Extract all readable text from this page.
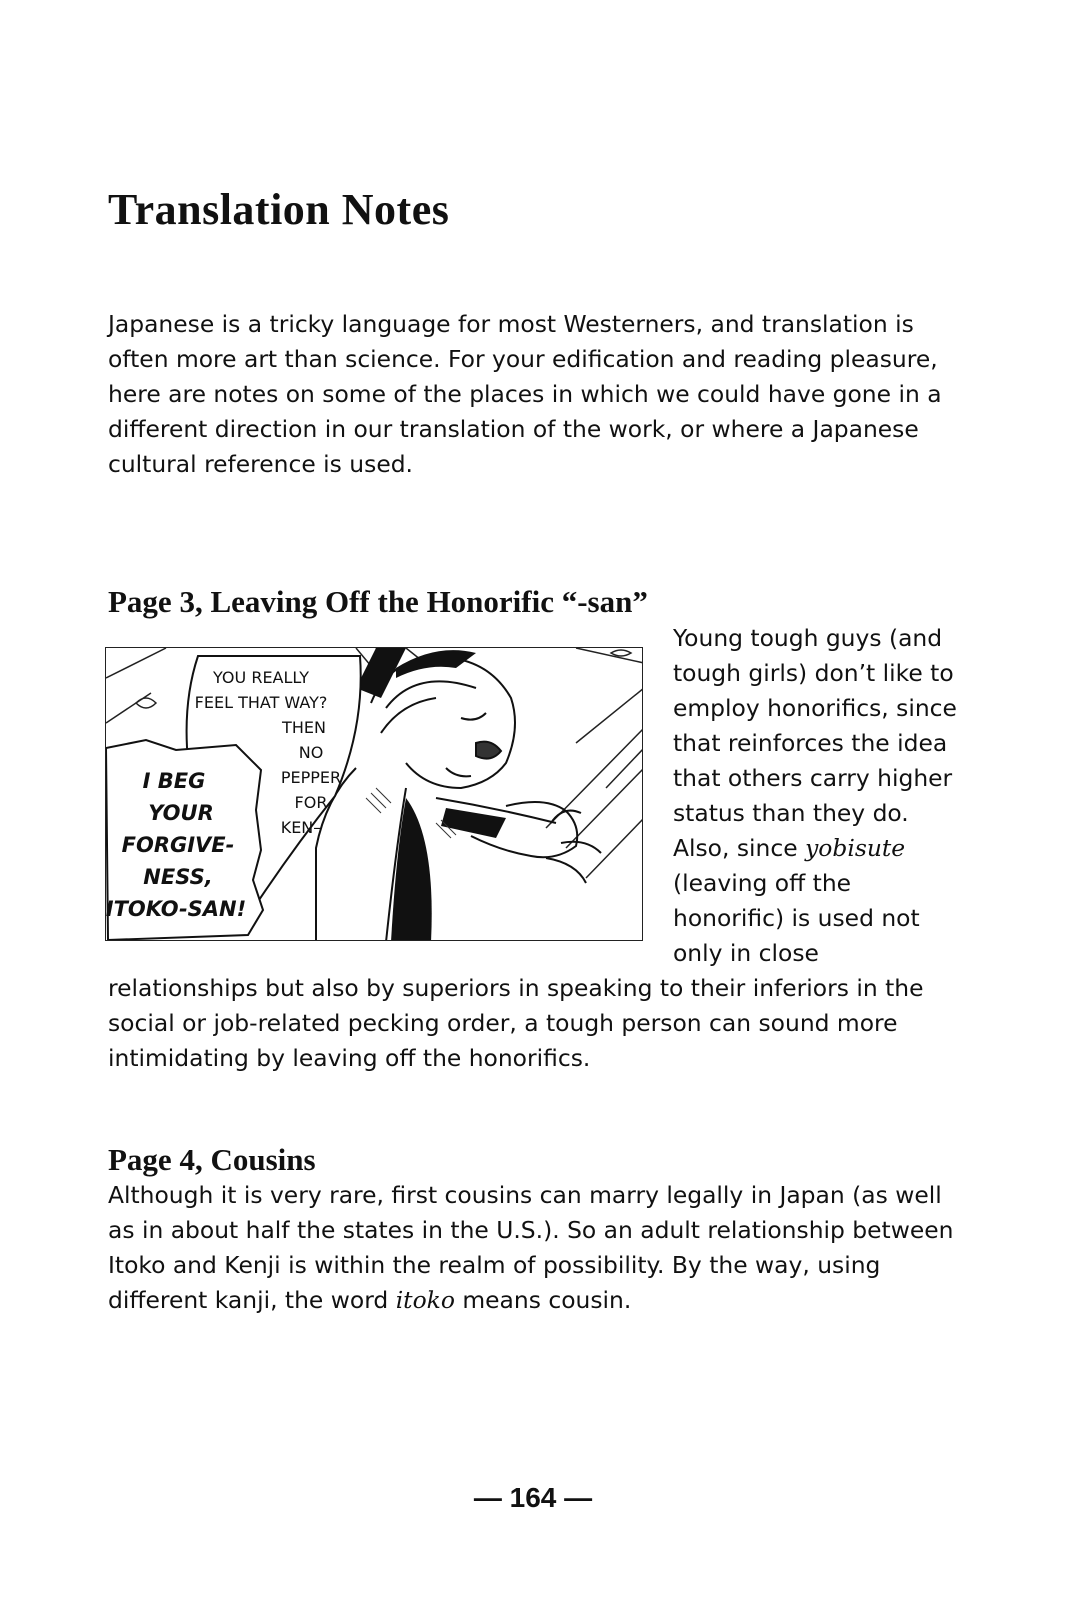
Translation Notes

Japanese is a tricky language for most Westerners, and translation is often more art than science. For your edification and reading pleasure, here are notes on some of the places in which we could have gone in a different direction in our translation of the work, or where a Japanese cultural reference is used.

Page 3, Leaving Off the Honorific “-san”
YOU REALLY
FEEL THAT WAY?
THEN
NO
PEPPER
FOR
KEN–
I BEG
YOUR
FORGIVE-
NESS,
ITOKO-SAN!

Young tough guys (and tough girls) don’t like to employ honorifics, since that reinforces the idea that others carry higher status than they do. Also, since yobisute (leaving off the honorific) is used not only in close relationships but also by superiors in speaking to their inferiors in the social or job-related pecking order, a tough person can sound more intimidating by leaving off the honorifics.

Page 4, Cousins

Although it is very rare, first cousins can marry legally in Japan (as well as in about half the states in the U.S.). So an adult relationship between Itoko and Kenji is within the realm of possibility. By the way, using different kanji, the word itoko means cousin.

— 164 —
